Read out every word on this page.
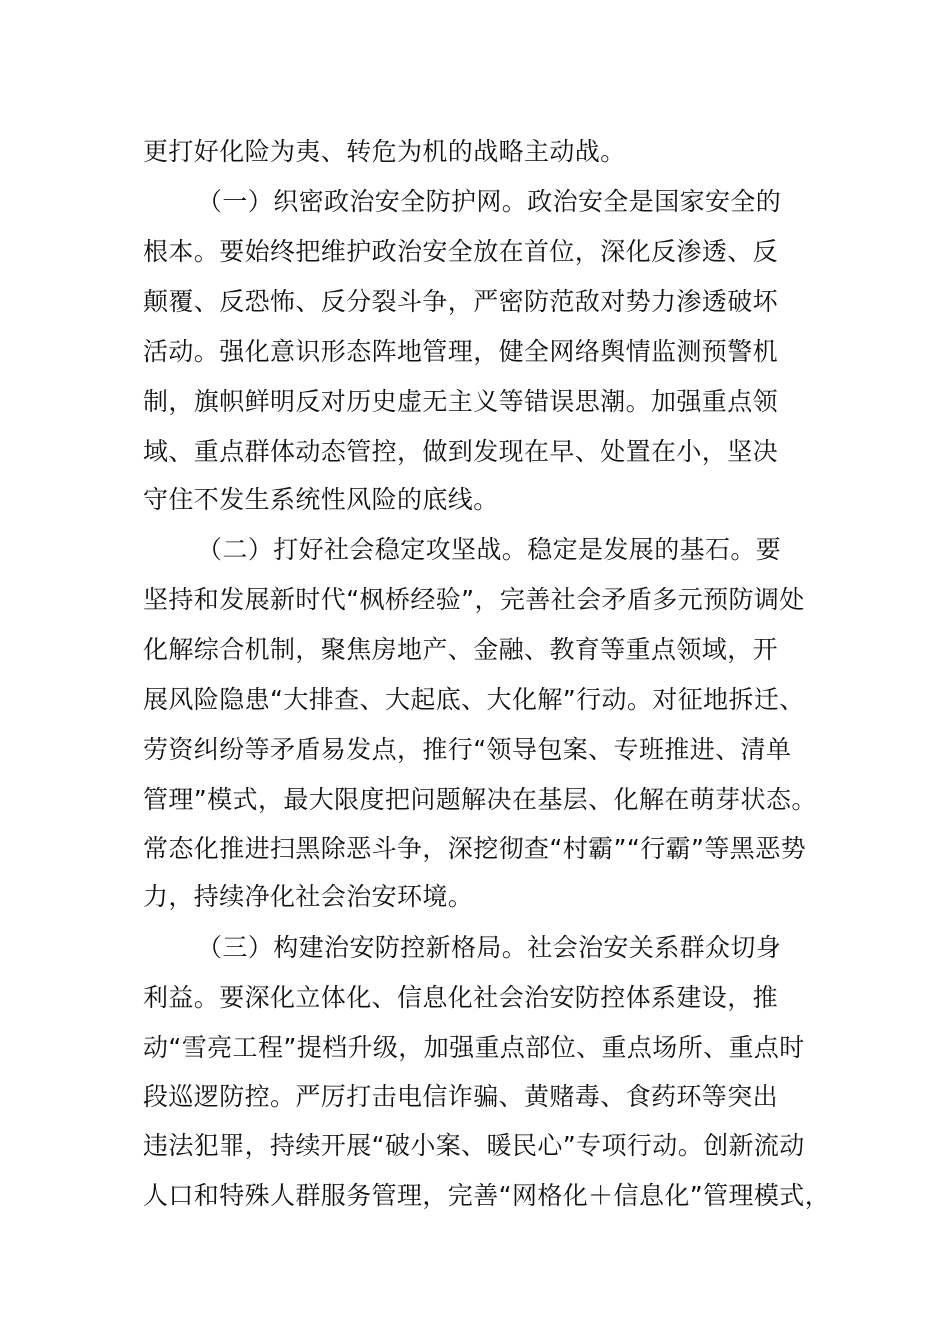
更打好化险为夷、转危为机的战略主动战。
（一）织密政治安全防护网。政治安全是国家安全的
根本。要始终把维护政治安全放在首位，深化反渗透、反
颠覆、反恐怖、反分裂斗争，严密防范敌对势力渗透破坏
活动。强化意识形态阵地管理，健全网络舆情监测预警机
制，旗帜鲜明反对历史虚无主义等错误思潮。加强重点领
域、重点群体动态管控，做到发现在早、处置在小，坚决
守住不发生系统性风险的底线。
（二）打好社会稳定攻坚战。稳定是发展的基石。要
坚持和发展新时代“枫桥经验”，完善社会矛盾多元预防调处
化解综合机制，聚焦房地产、金融、教育等重点领域，开
展风险隐患“大排查、大起底、大化解”行动。对征地拆迁、
劳资纠纷等矛盾易发点，推行“领导包案、专班推进、清单
管理”模式，最大限度把问题解决在基层、化解在萌芽状态。
常态化推进扫黑除恶斗争，深挖彻查“村霸”“行霸”等黑恶势
力，持续净化社会治安环境。
（三）构建治安防控新格局。社会治安关系群众切身
利益。要深化立体化、信息化社会治安防控体系建设，推
动“雪亮工程”提档升级，加强重点部位、重点场所、重点时
段巡逻防控。严厉打击电信诈骗、黄赌毒、食药环等突出
违法犯罪，持续开展“破小案、暖民心”专项行动。创新流动
人口和特殊人群服务管理，完善“网格化＋信息化”管理模式，
